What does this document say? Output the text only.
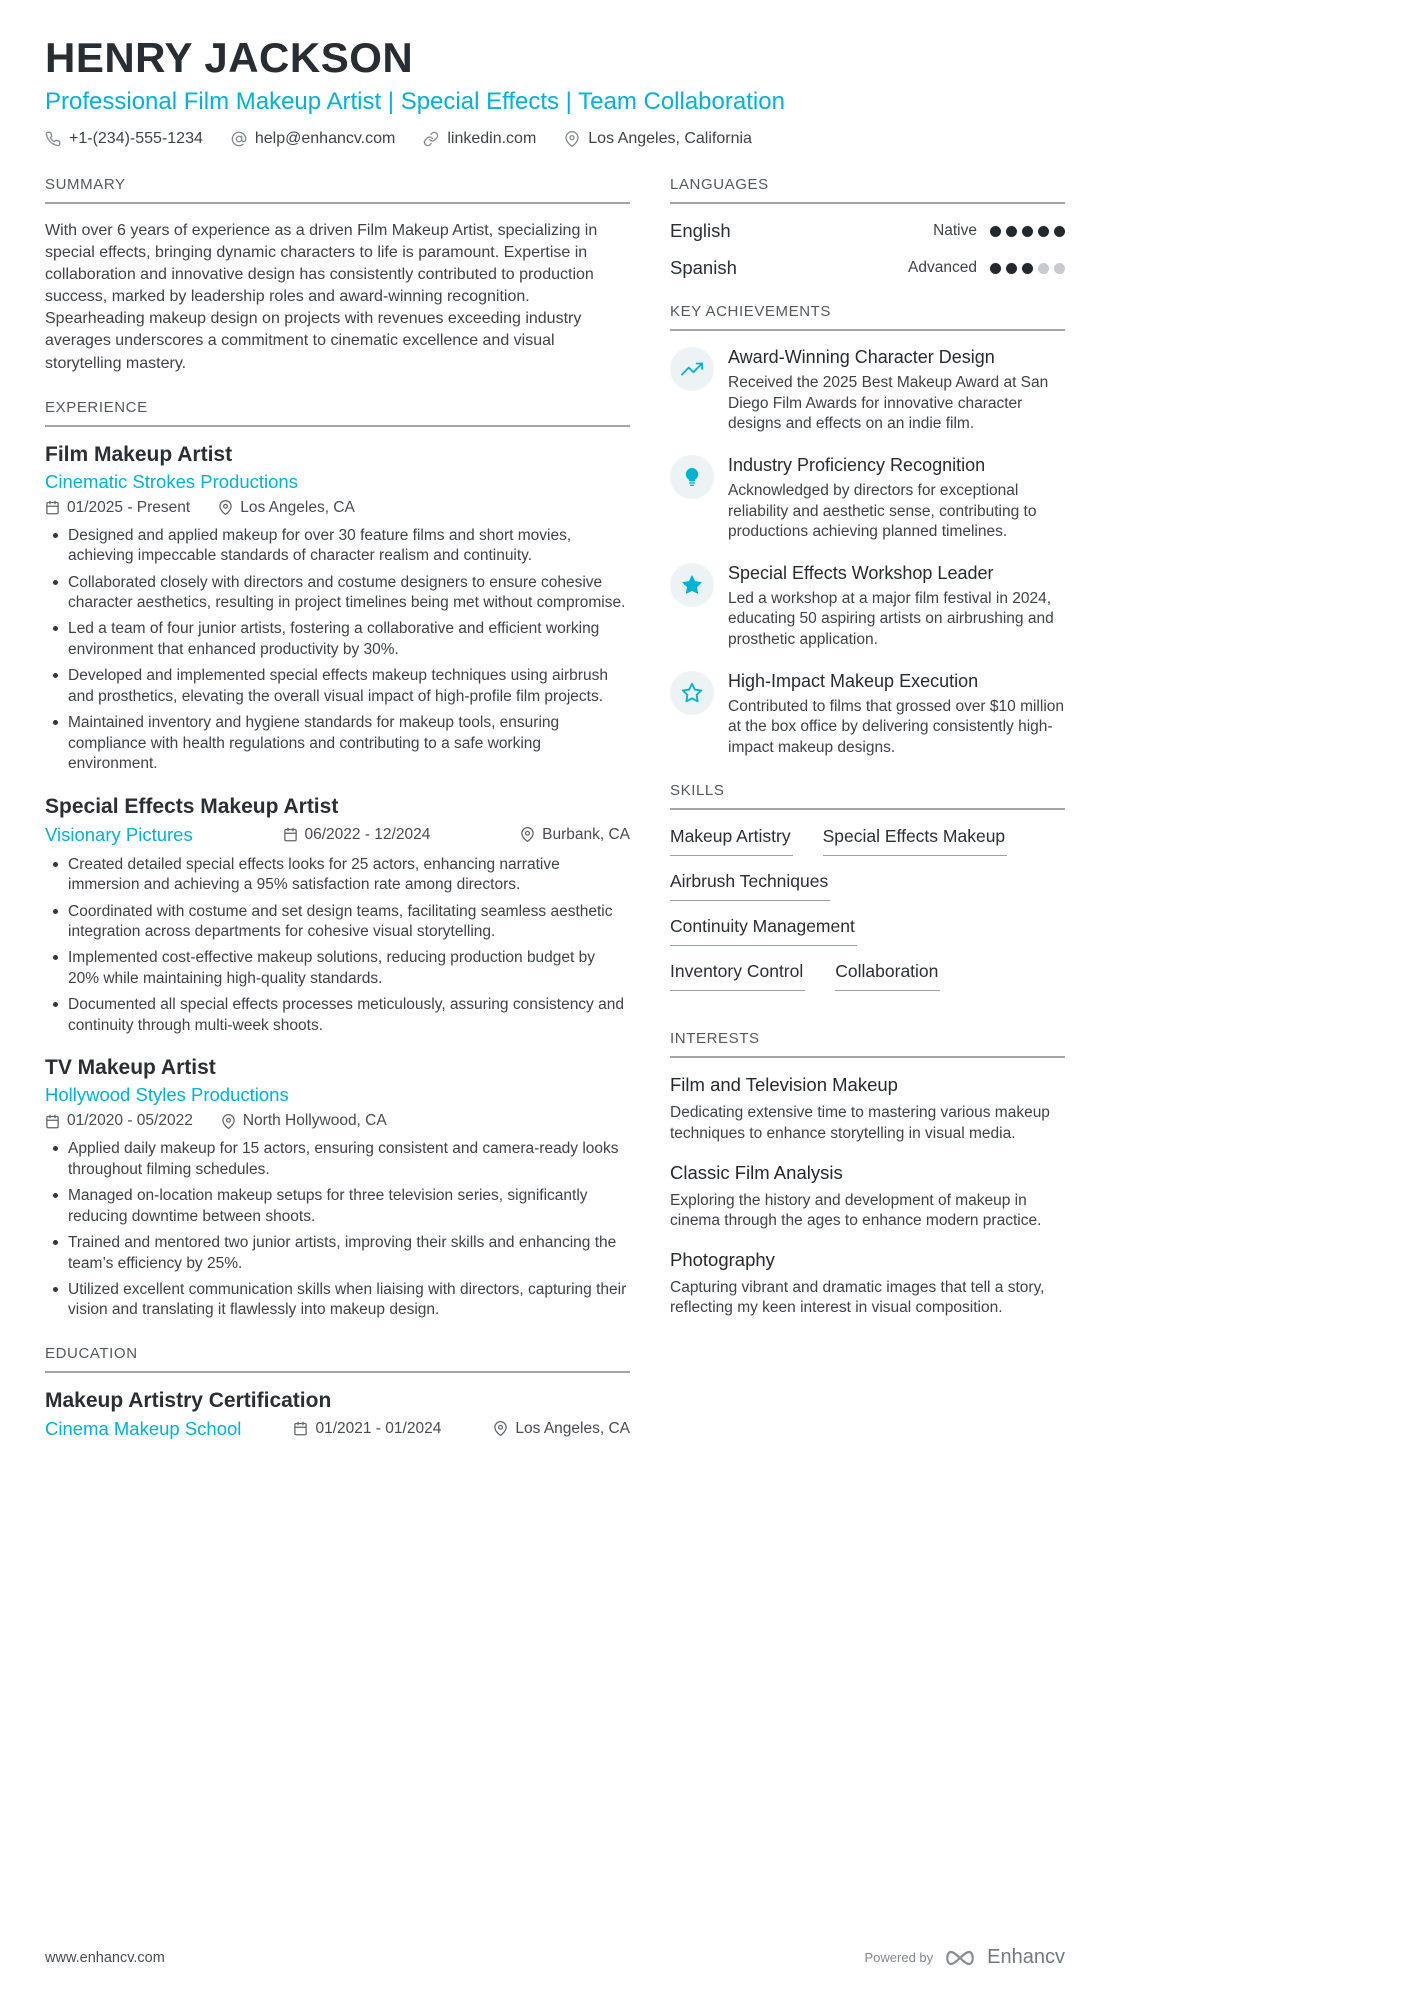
HENRY JACKSON
Professional Film Makeup Artist | Special Effects | Team Collaboration
+1-(234)-555-1234	help@enhancv.com	linkedin.com	Los Angeles, California
SUMMARY

With over 6 years of experience as a driven Film Makeup Artist, specializing in special effects, bringing dynamic characters to life is paramount. Expertise in collaboration and innovative design has consistently contributed to production success, marked by leadership roles and award-winning recognition. Spearheading makeup design on projects with revenues exceeding industry averages underscores a commitment to cinematic excellence and visual storytelling mastery.

EXPERIENCE
Film Makeup Artist
Cinematic Strokes Productions
01/2025 - Present	Los Angeles, CA
Designed and applied makeup for over 30 feature films and short movies, achieving impeccable standards of character realism and continuity.
Collaborated closely with directors and costume designers to ensure cohesive character aesthetics, resulting in project timelines being met without compromise.
Led a team of four junior artists, fostering a collaborative and efficient working environment that enhanced productivity by 30%.
Developed and implemented special effects makeup techniques using airbrush and prosthetics, elevating the overall visual impact of high-profile film projects.
Maintained inventory and hygiene standards for makeup tools, ensuring compliance with health regulations and contributing to a safe working environment.
Special Effects Makeup Artist
Visionary Pictures	06/2022 - 12/2024	Burbank, CA
Created detailed special effects looks for 25 actors, enhancing narrative immersion and achieving a 95% satisfaction rate among directors.
Coordinated with costume and set design teams, facilitating seamless aesthetic integration across departments for cohesive visual storytelling.
Implemented cost-effective makeup solutions, reducing production budget by 20% while maintaining high-quality standards.
Documented all special effects processes meticulously, assuring consistency and continuity through multi-week shoots.
TV Makeup Artist
Hollywood Styles Productions
01/2020 - 05/2022	North Hollywood, CA
Applied daily makeup for 15 actors, ensuring consistent and camera-ready looks throughout filming schedules.
Managed on-location makeup setups for three television series, significantly reducing downtime between shoots.
Trained and mentored two junior artists, improving their skills and enhancing the team’s efficiency by 25%.
Utilized excellent communication skills when liaising with directors, capturing their vision and translating it flawlessly into makeup design.
EDUCATION
Makeup Artistry Certification
Cinema Makeup School	01/2021 - 01/2024	Los Angeles, CA
LANGUAGES
English	Native
Spanish	Advanced
KEY ACHIEVEMENTS
Award-Winning Character Design
Received the 2025 Best Makeup Award at San Diego Film Awards for innovative character designs and effects on an indie film.
Industry Proficiency Recognition
Acknowledged by directors for exceptional reliability and aesthetic sense, contributing to productions achieving planned timelines.
Special Effects Workshop Leader
Led a workshop at a major film festival in 2024, educating 50 aspiring artists on airbrushing and prosthetic application.
High-Impact Makeup Execution
Contributed to films that grossed over $10 million at the box office by delivering consistently high-impact makeup designs.
SKILLS
Makeup Artistry Special Effects Makeup
Airbrush Techniques
Continuity Management
Inventory Control Collaboration
INTERESTS
Film and Television Makeup
Dedicating extensive time to mastering various makeup techniques to enhance storytelling in visual media.
Classic Film Analysis
Exploring the history and development of makeup in cinema through the ages to enhance modern practice.
Photography
Capturing vibrant and dramatic images that tell a story, reflecting my keen interest in visual composition.
www.enhancv.com	Powered by	Enhancv
